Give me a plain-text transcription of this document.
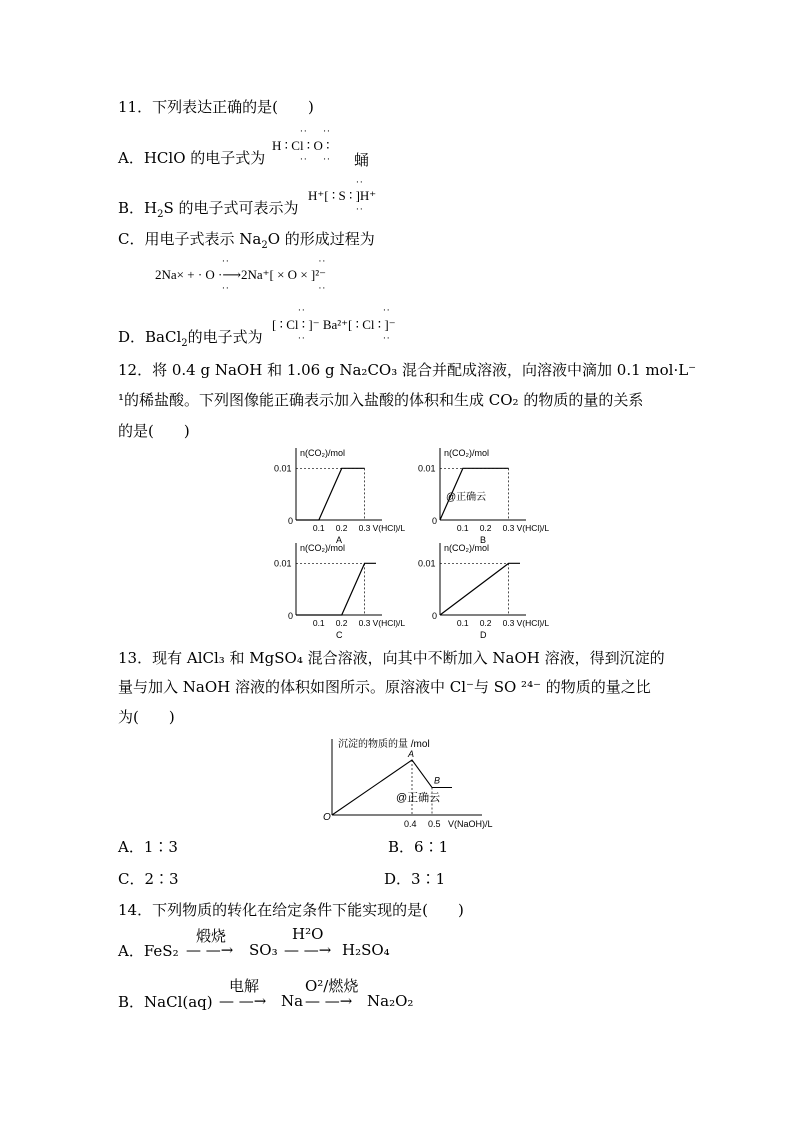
11．下列表达正确的是(　　)
A．HClO 的电子式为
··    ··
H ∶ Cl ∶ O ∶
··    ·· 蛹
B．$H_2S$ 的电子式可表示为
··
H⁺[ ∶ S ∶ ]H⁺
··
C．用电子式表示 $Na_2O$ 的形成过程为
··                       ··
2Na× + · O ·⟶2Na⁺[ × O × ]²⁻
··                       ··
D．BaCl$_2$的电子式为
··                    ··
[ ∶ Cl ∶ ]⁻ Ba²⁺[ ∶ Cl ∶ ]⁻
··                    ··
12．将 0.4 g NaOH 和 1.06 g Na₂CO₃ 混合并配成溶液，向溶液中滴加 0.1 mol·L⁻
¹的稀盐酸。下列图像能正确表示加入盐酸的体积和生成 CO₂ 的物质的量的关系
的是(　　)
n(CO₂)/mol
0.01
0
0.1 0.2 0.3 V(HCl)/L
A
n(CO₂)/mol
0.01
0
0.1 0.2 0.3 V(HCl)/L
B
@正确云
n(CO₂)/mol
0.01
0
0.1 0.2 0.3 V(HCl)/L
C
n(CO₂)/mol
0.01
0
0.1 0.2 0.3 V(HCl)/L
D
13．现有 AlCl₃ 和 MgSO₄ 混合溶液，向其中不断加入 NaOH 溶液，得到沉淀的
量与加入 NaOH 溶液的体积如图所示。原溶液中 Cl⁻与 SO ²⁴⁻ 的物质的量之比
为(　　)
沉淀的物质的量 /mol
O
A
B
0.4 0.5 V(NaOH)/L
@正确云
A．1∶3	B．6∶1
C．2∶3	D．3∶1
14．下列物质的转化在给定条件下能实现的是(　　)
A．FeS₂
煅烧
— —→ SO₃
H²O
— —→ H₂SO₄
B．NaCl(aq)
电解
— —→ Na
O²/燃烧
— —→ Na₂O₂
